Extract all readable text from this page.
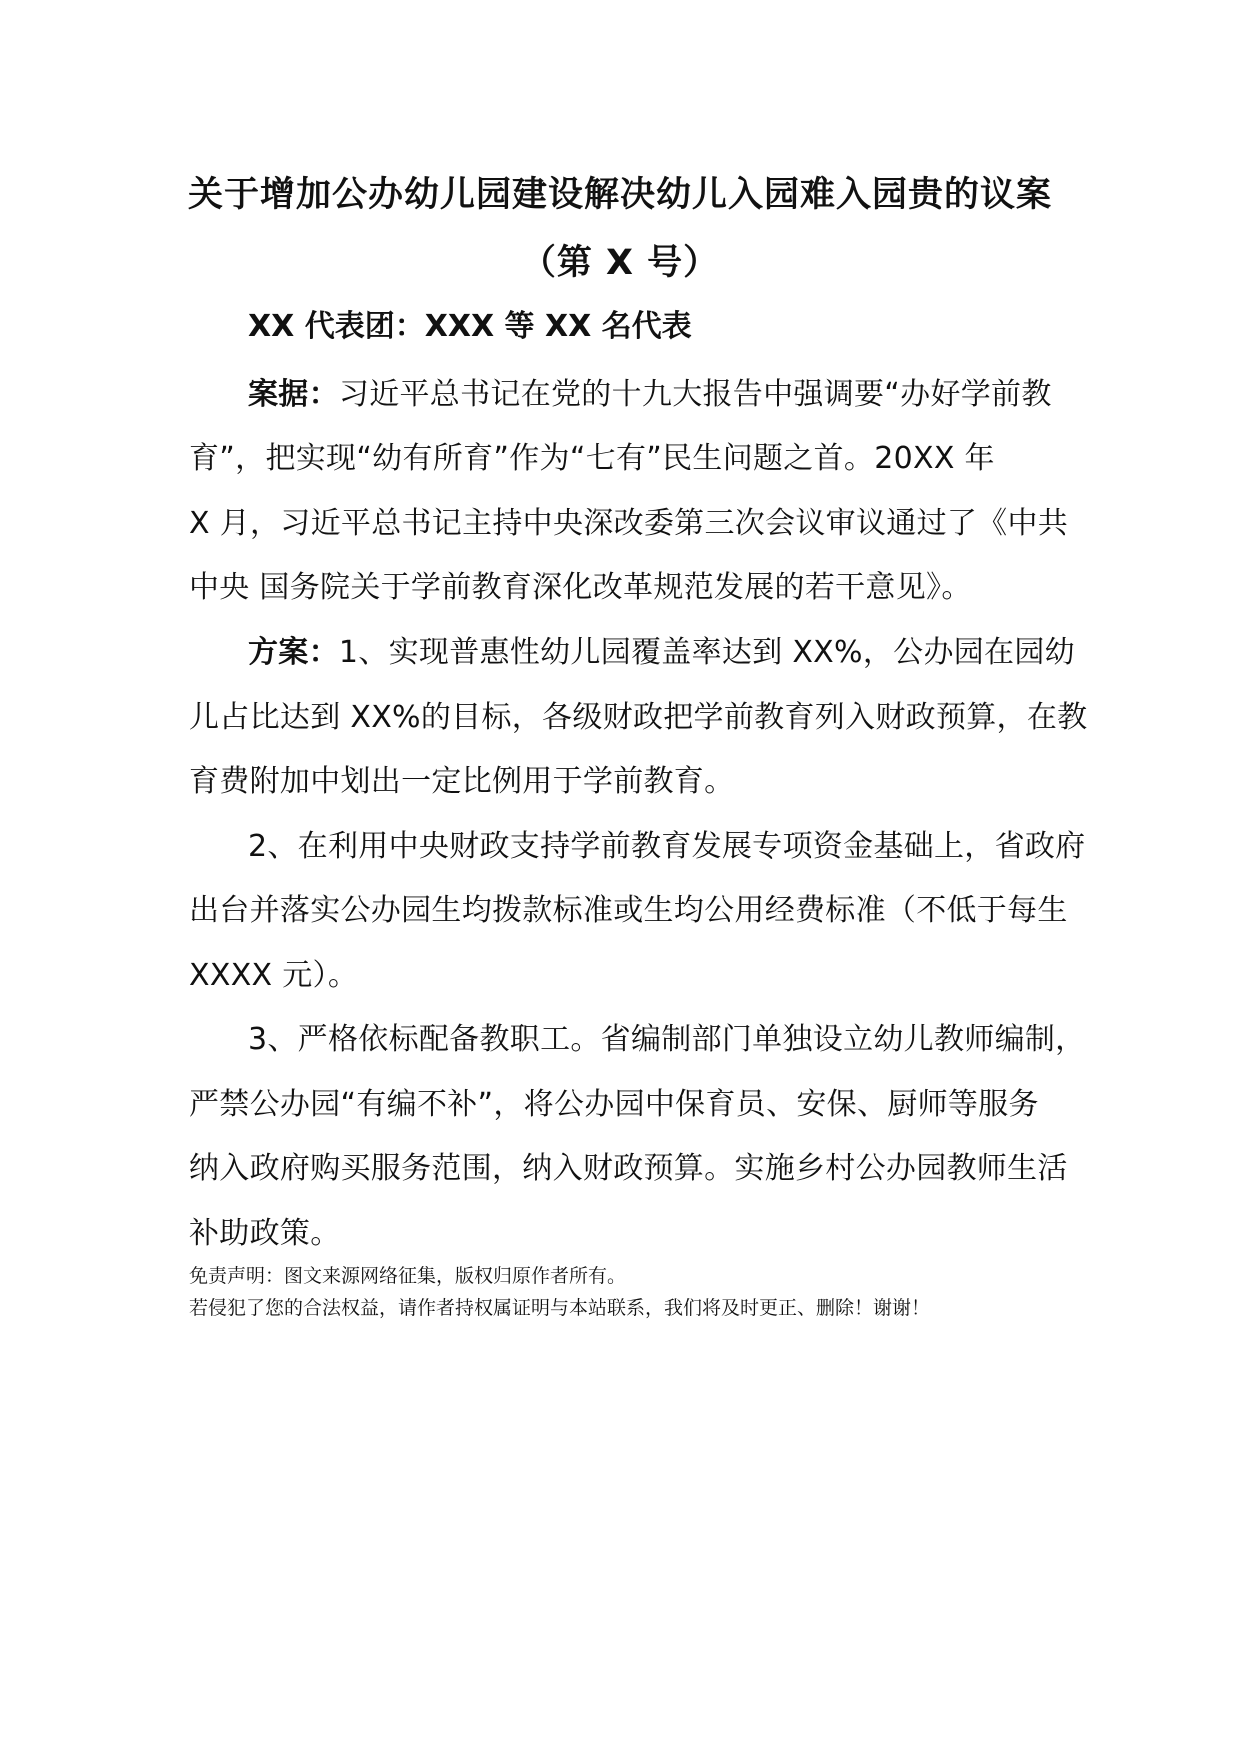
关于增加公办幼儿园建设解决幼儿入园难入园贵的议案
（第 X 号）
XX 代表团：XXX 等 XX 名代表
案据：习近平总书记在党的十九大报告中强调要“办好学前教
育”，把实现“幼有所育”作为“七有”民生问题之首。20XX 年
X 月，习近平总书记主持中央深改委第三次会议审议通过了《中共
中央 国务院关于学前教育深化改革规范发展的若干意见》。
方案：1、实现普惠性幼儿园覆盖率达到 XX%，公办园在园幼
儿占比达到 XX%的目标，各级财政把学前教育列入财政预算，在教
育费附加中划出一定比例用于学前教育。
2、在利用中央财政支持学前教育发展专项资金基础上，省政府
出台并落实公办园生均拨款标准或生均公用经费标准（不低于每生
XXXX 元）。
3、严格依标配备教职工。省编制部门单独设立幼儿教师编制，
严禁公办园“有编不补”，将公办园中保育员、安保、厨师等服务
纳入政府购买服务范围，纳入财政预算。实施乡村公办园教师生活
补助政策。
免责声明：图文来源网络征集，版权归原作者所有。
若侵犯了您的合法权益，请作者持权属证明与本站联系，我们将及时更正、删除！谢谢！
